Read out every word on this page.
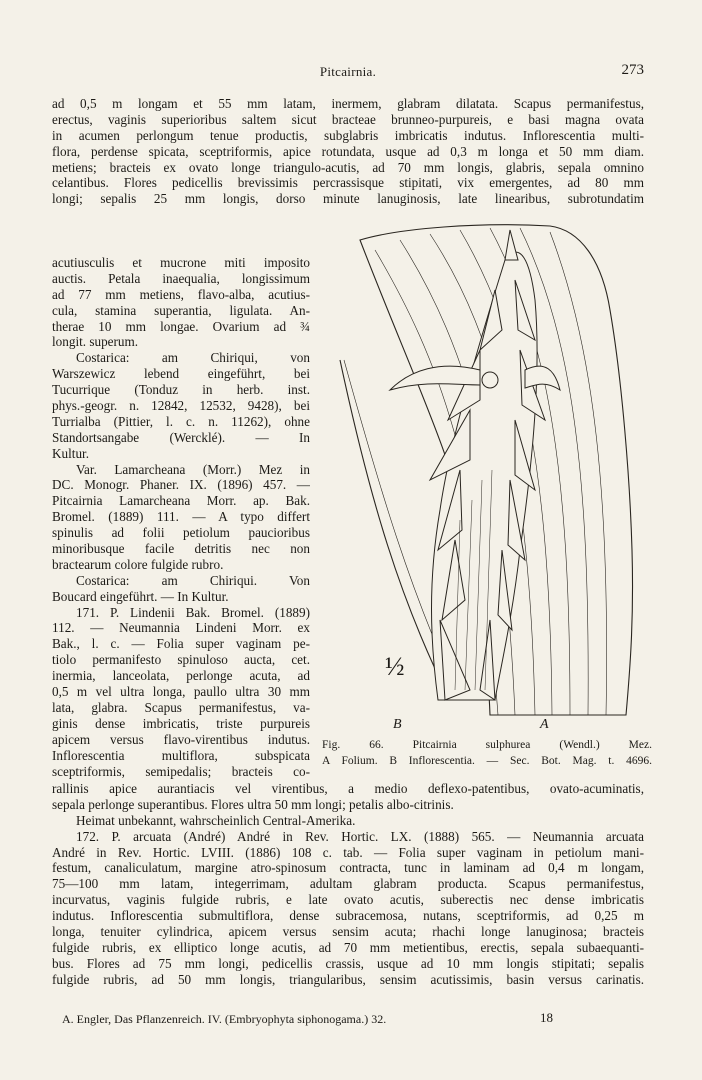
Pitcairnia.	273
ad 0,5 m longam et 55 mm latam, inermem, glabram dilatata. Scapus permanifestus,
erectus, vaginis superioribus saltem sicut bracteae brunneo-purpureis, e basi magna ovata
in acumen perlongum tenue productis, subglabris imbricatis indutus. Inflorescentia multi-
flora, perdense spicata, sceptriformis, apice rotundata, usque ad 0,3 m longa et 50 mm diam.
metiens; bracteis ex ovato longe triangulo-acutis, ad 70 mm longis, glabris, sepala omnino
celantibus. Flores pedicellis brevissimis percrassisque stipitati, vix emergentes, ad 80 mm
longi; sepalis 25 mm longis, dorso minute lanuginosis, late linearibus, subrotundatim
acutiusculis et mucrone miti imposito
auctis. Petala inaequalia, longissimum
ad 77 mm metiens, flavo-alba, acutius-
cula, stamina superantia, ligulata. An-
therae 10 mm longae. Ovarium ad ¾
longit. superum.
Costarica: am Chiriqui, von
Warszewicz lebend eingeführt, bei
Tucurrique (Tonduz in herb. inst.
phys.-geogr. n. 12842, 12532, 9428), bei
Turrialba (Pittier, l. c. n. 11262), ohne
Standortsangabe (Wercklé). — In
Kultur.
Var. Lamarcheana (Morr.) Mez in
DC. Monogr. Phaner. IX. (1896) 457. —
Pitcairnia Lamarcheana Morr. ap. Bak.
Bromel. (1889) 111. — A typo differt
spinulis ad folii petiolum paucioribus
minoribusque facile detritis nec non
bractearum colore fulgide rubro.
Costarica: am Chiriqui. Von
Boucard eingeführt. — In Kultur.
171. P. Lindenii Bak. Bromel. (1889)
112. — Neumannia Lindeni Morr. ex
Bak., l. c. — Folia super vaginam pe-
tiolo permanifesto spinuloso aucta, cet.
inermia, lanceolata, perlonge acuta, ad
0,5 m vel ultra longa, paullo ultra 30 mm
lata, glabra. Scapus permanifestus, va-
ginis dense imbricatis, triste purpureis
apicem versus flavo-virentibus indutus.
Inflorescentia multiflora, subspicata
sceptriformis, semipedalis; bracteis co-
½
B	A
Fig. 66. Pitcairnia sulphurea (Wendl.) Mez.
A Folium. B Inflorescentia. — Sec. Bot. Mag. t. 4696.
rallinis apice aurantiacis vel virentibus, a medio deflexo-patentibus, ovato-acuminatis,
sepala perlonge superantibus. Flores ultra 50 mm longi; petalis albo-citrinis.
Heimat unbekannt, wahrscheinlich Central-Amerika.
172. P. arcuata (André) André in Rev. Hortic. LX. (1888) 565. — Neumannia arcuata
André in Rev. Hortic. LVIII. (1886) 108 c. tab. — Folia super vaginam in petiolum mani-
festum, canaliculatum, margine atro-spinosum contracta, tunc in laminam ad 0,4 m longam,
75—100 mm latam, integerrimam, adultam glabram producta. Scapus permanifestus,
incurvatus, vaginis fulgide rubris, e late ovato acutis, suberectis nec dense imbricatis
indutus. Inflorescentia submultiflora, dense subracemosa, nutans, sceptriformis, ad 0,25 m
longa, tenuiter cylindrica, apicem versus sensim acuta; rhachi longe lanuginosa; bracteis
fulgide rubris, ex elliptico longe acutis, ad 70 mm metientibus, erectis, sepala subaequanti-
bus. Flores ad 75 mm longi, pedicellis crassis, usque ad 10 mm longis stipitati; sepalis
fulgide rubris, ad 50 mm longis, triangularibus, sensim acutissimis, basin versus carinatis.
A. Engler, Das Pflanzenreich. IV. (Embryophyta siphonogama.) 32.	18
